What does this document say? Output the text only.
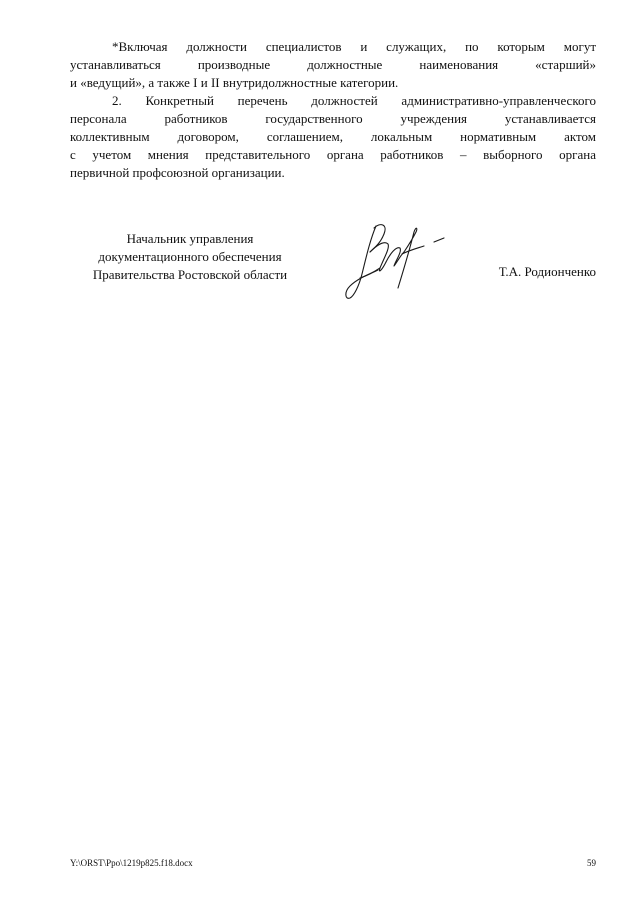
*Включая должности специалистов и служащих, по которым могут
устанавливаться производные должностные наименования «старший»
и «ведущий», а также I и II внутридолжностные категории.
2. Конкретный перечень должностей административно-управленческого
персонала работников государственного учреждения устанавливается
коллективным договором, соглашением, локальным нормативным актом
с учетом мнения представительного органа работников – выборного органа
первичной профсоюзной организации.
Начальник управления
документационного обеспечения
Правительства Ростовской области	Т.А. Родионченко
Y:\ORST\Ppo\1219p825.f18.docx	59
